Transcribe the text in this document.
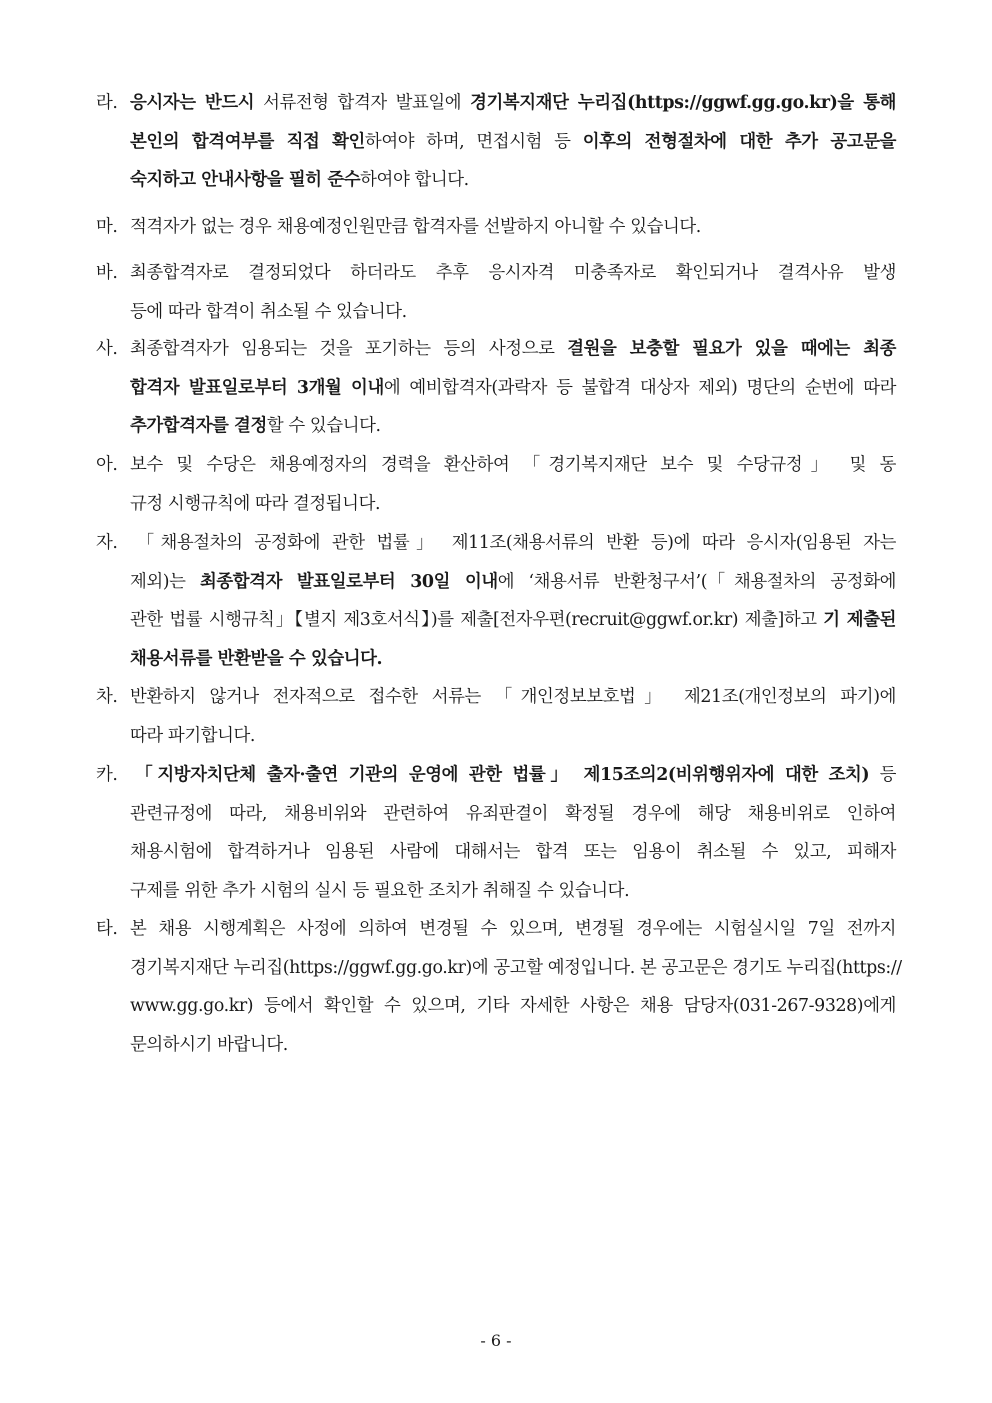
라. 응시자는 반드시 서류전형 합격자 발표일에 경기복지재단 누리집(https://ggwf.gg.go.kr)을 통해
본인의 합격여부를 직접 확인하여야 하며, 면접시험 등 이후의 전형절차에 대한 추가 공고문을
숙지하고 안내사항을 필히 준수하여야 합니다.
마. 적격자가 없는 경우 채용예정인원만큼 합격자를 선발하지 아니할 수 있습니다.
바. 최종합격자로 결정되었다 하더라도 추후 응시자격 미충족자로 확인되거나 결격사유 발생
등에 따라 합격이 취소될 수 있습니다.
사. 최종합격자가 임용되는 것을 포기하는 등의 사정으로 결원을 보충할 필요가 있을 때에는 최종
합격자 발표일로부터 3개월 이내에 예비합격자(과락자 등 불합격 대상자 제외) 명단의 순번에 따라
추가합격자를 결정할 수 있습니다.
아. 보수 및 수당은 채용예정자의 경력을 환산하여 「경기복지재단 보수 및 수당규정」 및 동
규정 시행규칙에 따라 결정됩니다.
자. 「채용절차의 공정화에 관한 법률」 제11조(채용서류의 반환 등)에 따라 응시자(임용된 자는
제외)는 최종합격자 발표일로부터 30일 이내에 ‘채용서류 반환청구서’(「채용절차의 공정화에
관한 법률 시행규칙」【별지 제3호서식】)를 제출[전자우편(recruit@ggwf.or.kr) 제출]하고 기 제출된
채용서류를 반환받을 수 있습니다.
차. 반환하지 않거나 전자적으로 접수한 서류는 「개인정보보호법」 제21조(개인정보의 파기)에
따라 파기합니다.
카. 「지방자치단체 출자·출연 기관의 운영에 관한 법률」 제15조의2(비위행위자에 대한 조치) 등
관련규정에 따라, 채용비위와 관련하여 유죄판결이 확정될 경우에 해당 채용비위로 인하여
채용시험에 합격하거나 임용된 사람에 대해서는 합격 또는 임용이 취소될 수 있고, 피해자
구제를 위한 추가 시험의 실시 등 필요한 조치가 취해질 수 있습니다.
타. 본 채용 시행계획은 사정에 의하여 변경될 수 있으며, 변경될 경우에는 시험실시일 7일 전까지
경기복지재단 누리집(https://ggwf.gg.go.kr)에 공고할 예정입니다. 본 공고문은 경기도 누리집(https://
www.gg.go.kr) 등에서 확인할 수 있으며, 기타 자세한 사항은 채용 담당자(031-267-9328)에게
문의하시기 바랍니다.
- 6 -
